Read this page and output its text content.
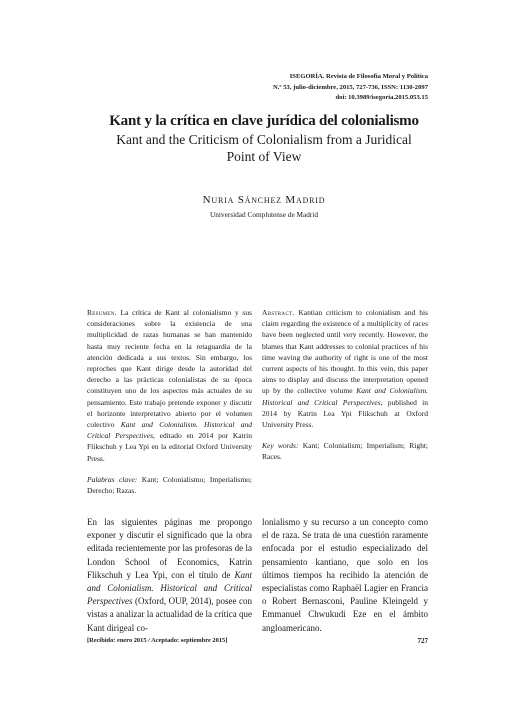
ISEGORÍA. Revista de Filosofía Moral y Política
N.º 53, julio-diciembre, 2015, 727-736, ISSN: 1130-2097
doi: 10.3989/isegoria.2015.053.15
Kant y la crítica en clave jurídica del colonialismo
Kant and the Criticism of Colonialism from a Juridical
Point of View
Nuria Sánchez Madrid
Universidad Complutense de Madrid
Resumen. La crítica de Kant al colonialismo y sus consideraciones sobre la existencia de una multiplicidad de razas humanas se han mantenido hasta muy reciente fecha en la retaguardia de la atención dedicada a sus textos. Sin embargo, los reproches que Kant dirige desde la autoridad del derecho a las prácticas colonialistas de su época constituyen uno de los aspectos más actuales de su pensamiento. Este trabajo pretende exponer y discutir el horizonte interpretativo abierto por el volumen colectivo Kant and Colonialism. Historical and Critical Perspectives, editado en 2014 por Katrin Flikschuh y Lea Ypi en la editorial Oxford University Press.
Palabras clave: Kant; Colonialismo; Imperialismo; Derecho; Razas.
Abstract. Kantian criticism to colonialism and his claim regarding the existence of a multiplicity of races have been neglected until very recently. However, the blames that Kant addresses to colonial practices of his time waving the authority of right is one of the most current aspects of his thought. In this vein, this paper aims to display and discuss the interpretation opened up by the collective volume Kant and Colonialism. Historical and Critical Perspectives, published in 2014 by Katrin Lea Ypi Flikschuh at Oxford University Press.
Key words: Kant; Colonialism; Imperialism; Right; Races.
En las siguientes páginas me propongo exponer y discutir el significado que la obra editada recientemente por las profesoras de la London School of Economics, Katrin Flikschuh y Lea Ypi, con el título de Kant and Colonialism. Historical and Critical Perspectives (Oxford, OUP, 2014), posee con vistas a analizar la actualidad de la crítica que Kant dirigeal co-
lonialismo y su recurso a un concepto como el de raza. Se trata de una cuestión raramente enfocada por el estudio especializado del pensamiento kantiano, que solo en los últimos tiempos ha recibido la atención de especialistas como Raphaël Lagier en Francia o Robert Bernasconi, Pauline Kleingeld y Emmanuel Chwukudi Eze en el ámbito angloamericano.
[Recibido: enero 2015 / Aceptado: septiembre 2015]	727
